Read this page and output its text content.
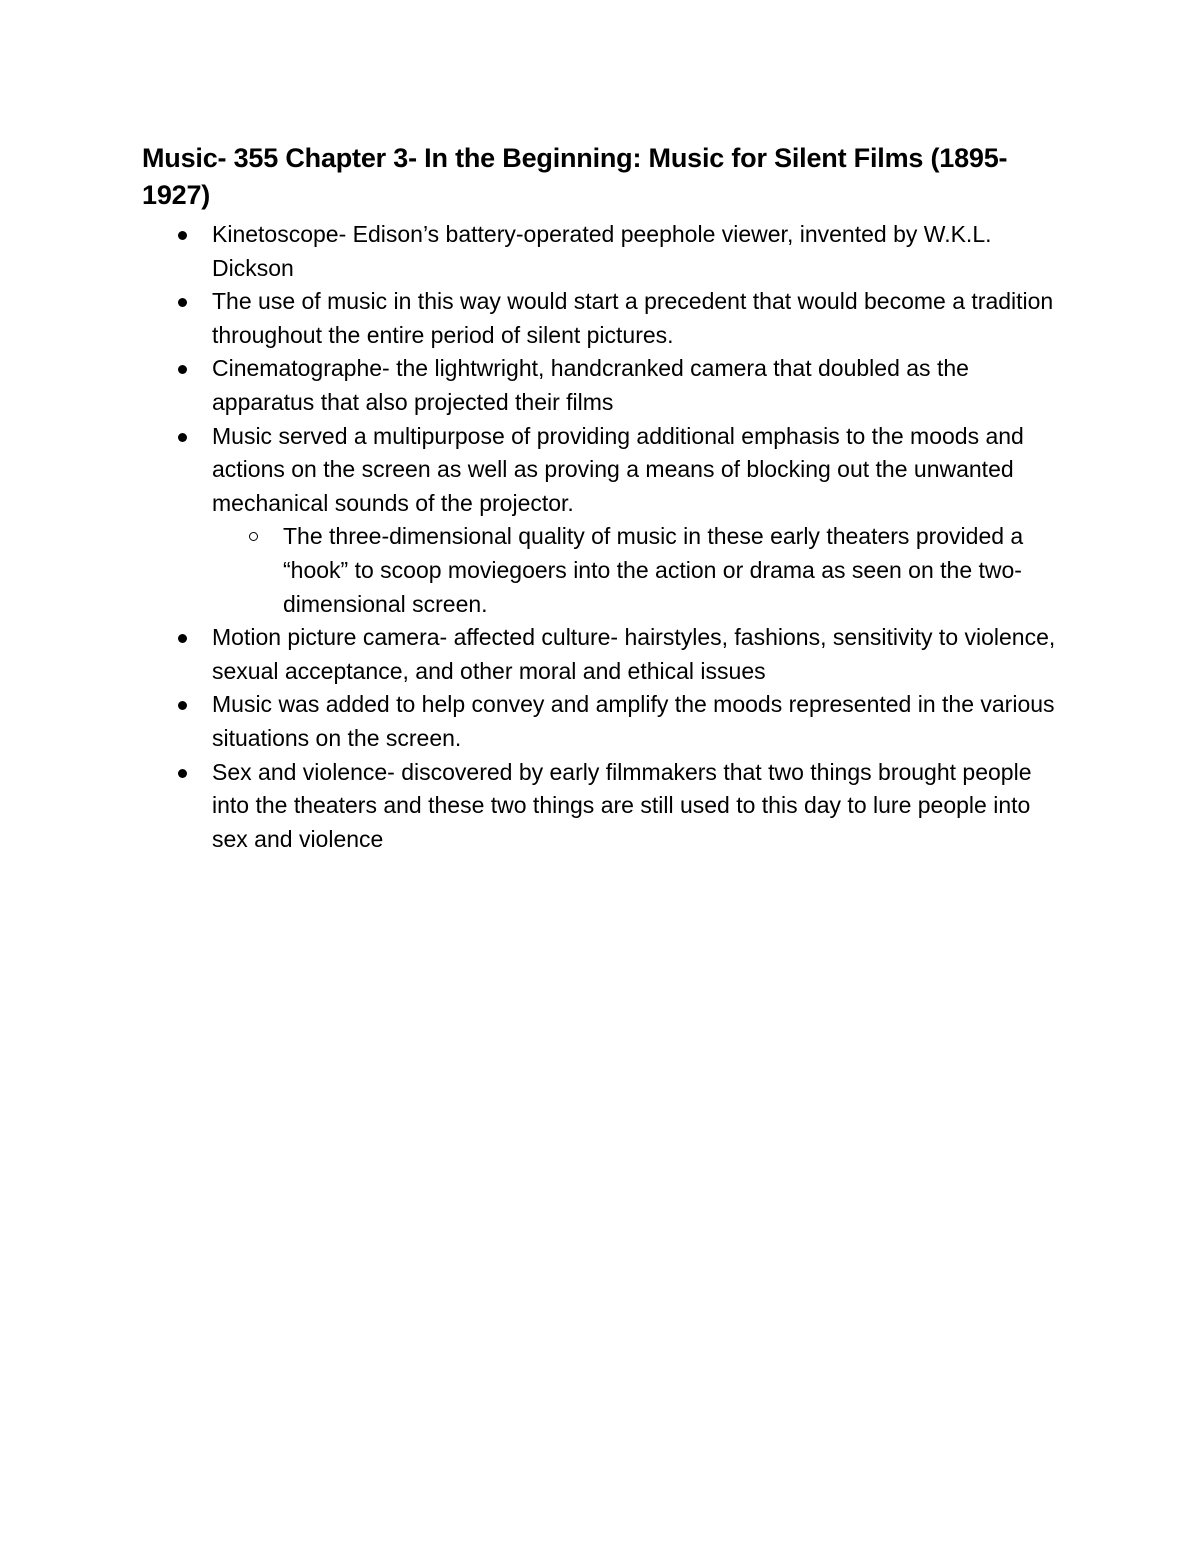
Music- 355 Chapter 3- In the Beginning: Music for Silent Films (1895- 1927)
Kinetoscope- Edison’s battery-operated peephole viewer, invented by W.K.L. Dickson
The use of music in this way would start a precedent that would become a tradition throughout the entire period of silent pictures.
Cinematographe- the lightwright, handcranked camera that doubled as the apparatus that also projected their films
Music served a multipurpose of providing additional emphasis to the moods and actions on the screen as well as proving a means of blocking out the unwanted mechanical sounds of the projector.
The three-dimensional quality of music in these early theaters provided a “hook” to scoop moviegoers into the action or drama as seen on the two-dimensional screen.
Motion picture camera- affected culture- hairstyles, fashions, sensitivity to violence, sexual acceptance, and other moral and ethical issues
Music was added to help convey and amplify the moods represented in the various situations on the screen.
Sex and violence- discovered by early filmmakers that two things brought people into the theaters and these two things are still used to this day to lure people into sex and violence
